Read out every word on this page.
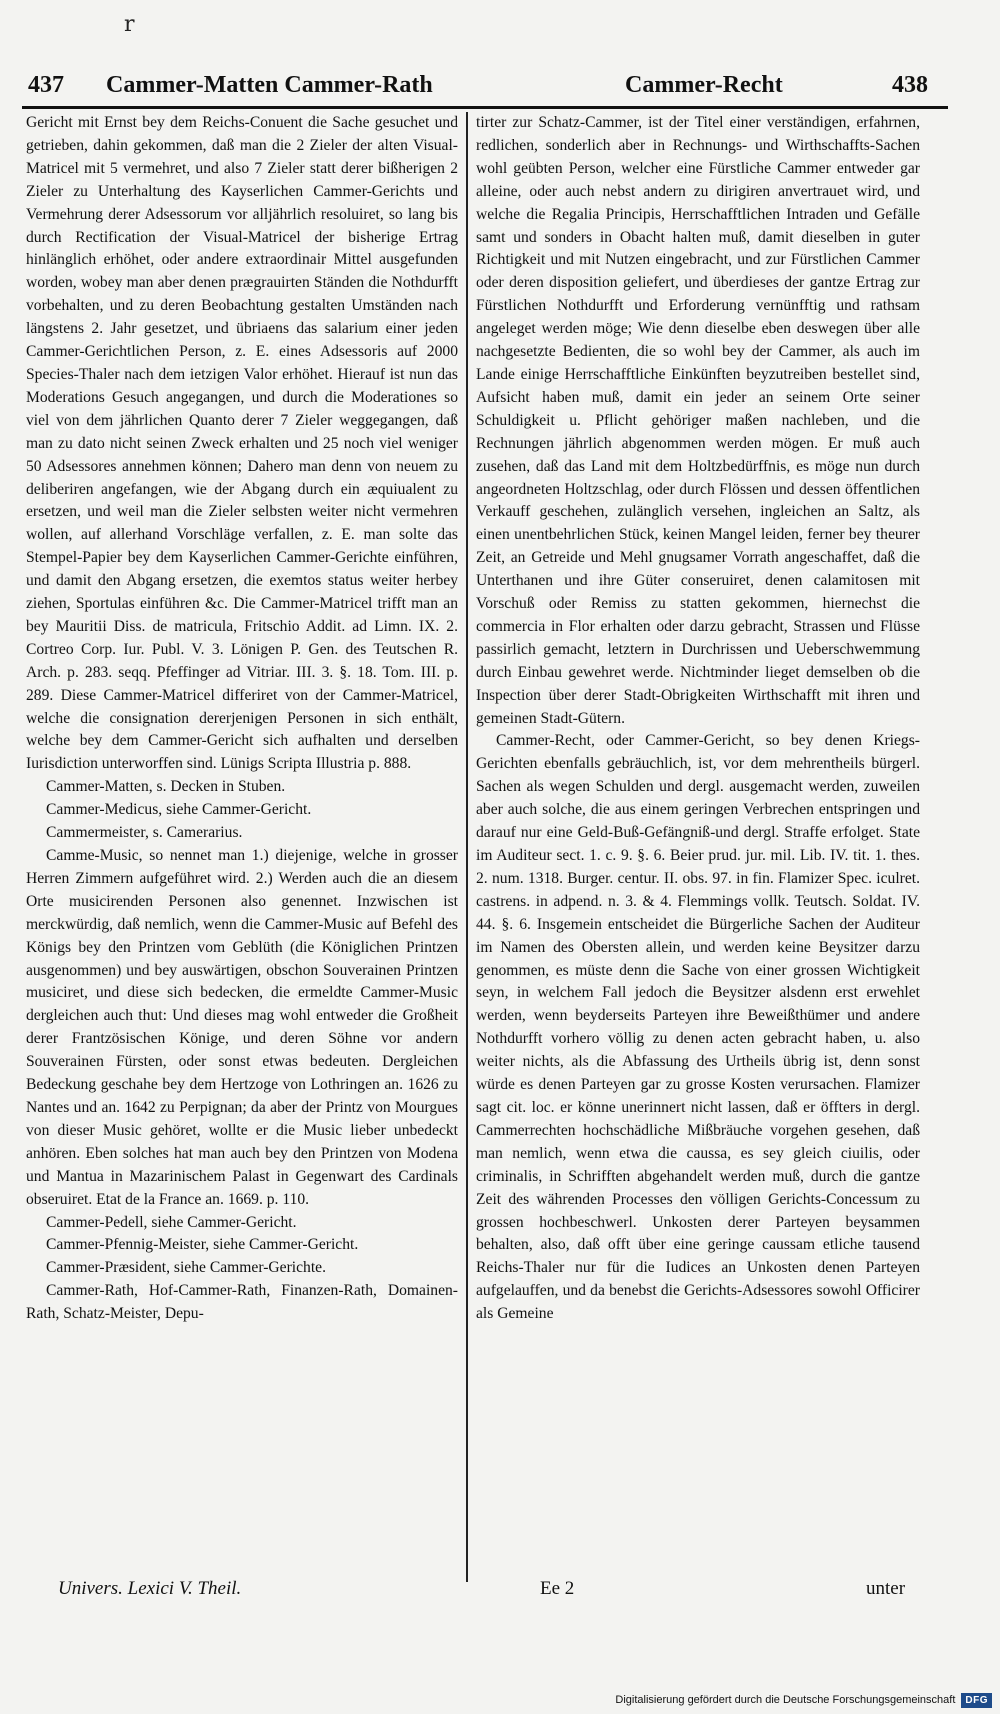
r
437 Cammer-Matten Cammer-Rath	Cammer-Recht	438

Gericht mit Ernst bey dem Reichs-Conuent die Sache gesuchet und getrieben, dahin gekommen, daß man die 2 Zieler der alten Visual-Matricel mit 5 vermehret, und also 7 Zieler statt derer bißherigen 2 Zieler zu Unterhaltung des Kayserlichen Cammer-Gerichts und Vermehrung derer Adsessorum vor alljährlich resoluiret, so lang bis durch Rectification der Visual-Matricel der bisherige Ertrag hinlänglich erhöhet, oder andere extraordinair Mittel ausgefunden worden, wobey man aber denen prægrauirten Ständen die Nothdurfft vorbehalten, und zu deren Beobachtung gestalten Umständen nach längstens 2. Jahr gesetzet, und übriaens das salarium einer jeden Cammer-Gerichtlichen Person, z. E. eines Adsessoris auf 2000 Species-Thaler nach dem ietzigen Valor erhöhet. Hierauf ist nun das Moderations Gesuch angegangen, und durch die Moderationes so viel von dem jährlichen Quanto derer 7 Zieler weggegangen, daß man zu dato nicht seinen Zweck erhalten und 25 noch viel weniger 50 Adsessores annehmen können; Dahero man denn von neuem zu deliberiren angefangen, wie der Abgang durch ein æquiualent zu ersetzen, und weil man die Zieler selbsten weiter nicht vermehren wollen, auf allerhand Vorschläge verfallen, z. E. man solte das Stempel-Papier bey dem Kayserlichen Cammer-Gerichte einführen, und damit den Abgang ersetzen, die exemtos status weiter herbey ziehen, Sportulas einführen &c. Die Cammer-Matricel trifft man an bey Mauritii Diss. de matricula, Fritschio Addit. ad Limn. IX. 2. Cortreo Corp. Iur. Publ. V. 3. Lönigen P. Gen. des Teutschen R. Arch. p. 283. seqq. Pfeffinger ad Vitriar. III. 3. §. 18. Tom. III. p. 289. Diese Cammer-Matricel differiret von der Cammer-Matricel, welche die consignation dererjenigen Personen in sich enthält, welche bey dem Cammer-Gericht sich aufhalten und derselben Iurisdiction unterworffen sind. Lünigs Scripta Illustria p. 888.

Cammer-Matten, s. Decken in Stuben.

Cammer-Medicus, siehe Cammer-Gericht.

Cammermeister, s. Camerarius.

Camme-Music, so nennet man 1.) diejenige, welche in grosser Herren Zimmern aufgeführet wird. 2.) Werden auch die an diesem Orte musicirenden Personen also genennet. Inzwischen ist merckwürdig, daß nemlich, wenn die Cammer-Music auf Befehl des Königs bey den Printzen vom Geblüth (die Königlichen Printzen ausgenommen) und bey auswärtigen, obschon Souverainen Printzen musiciret, und diese sich bedecken, die ermeldte Cammer-Music dergleichen auch thut: Und dieses mag wohl entweder die Großheit derer Frantzösischen Könige, und deren Söhne vor andern Souverainen Fürsten, oder sonst etwas bedeuten. Dergleichen Bedeckung geschahe bey dem Hertzoge von Lothringen an. 1626 zu Nantes und an. 1642 zu Perpignan; da aber der Printz von Mourgues von dieser Music gehöret, wollte er die Music lieber unbedeckt anhören. Eben solches hat man auch bey den Printzen von Modena und Mantua in Mazarinischem Palast in Gegenwart des Cardinals obseruiret. Etat de la France an. 1669. p. 110.

Cammer-Pedell, siehe Cammer-Gericht.

Cammer-Pfennig-Meister, siehe Cammer-Gericht.

Cammer-Præsident, siehe Cammer-Gerichte.

Cammer-Rath, Hof-Cammer-Rath, Finanzen-Rath, Domainen-Rath, Schatz-Meister, Depu-

tirter zur Schatz-Cammer, ist der Titel einer verständigen, erfahrnen, redlichen, sonderlich aber in Rechnungs- und Wirthschaffts-Sachen wohl geübten Person, welcher eine Fürstliche Cammer entweder gar alleine, oder auch nebst andern zu dirigiren anvertrauet wird, und welche die Regalia Principis, Herrschafftlichen Intraden und Gefälle samt und sonders in Obacht halten muß, damit dieselben in guter Richtigkeit und mit Nutzen eingebracht, und zur Fürstlichen Cammer oder deren disposition geliefert, und überdieses der gantze Ertrag zur Fürstlichen Nothdurfft und Erforderung vernünfftig und rathsam angeleget werden möge; Wie denn dieselbe eben deswegen über alle nachgesetzte Bedienten, die so wohl bey der Cammer, als auch im Lande einige Herrschafftliche Einkünften beyzutreiben bestellet sind, Aufsicht haben muß, damit ein jeder an seinem Orte seiner Schuldigkeit u. Pflicht gehöriger maßen nachleben, und die Rechnungen jährlich abgenommen werden mögen. Er muß auch zusehen, daß das Land mit dem Holtzbedürffnis, es möge nun durch angeordneten Holtzschlag, oder durch Flössen und dessen öffentlichen Verkauff geschehen, zulänglich versehen, ingleichen an Saltz, als einen unentbehrlichen Stück, keinen Mangel leiden, ferner bey theurer Zeit, an Getreide und Mehl gnugsamer Vorrath angeschaffet, daß die Unterthanen und ihre Güter conseruiret, denen calamitosen mit Vorschuß oder Remiss zu statten gekommen, hiernechst die commercia in Flor erhalten oder darzu gebracht, Strassen und Flüsse passirlich gemacht, letztern in Durchrissen und Ueberschwemmung durch Einbau gewehret werde. Nichtminder lieget demselben ob die Inspection über derer Stadt-Obrigkeiten Wirthschafft mit ihren und gemeinen Stadt-Gütern.

Cammer-Recht, oder Cammer-Gericht, so bey denen Kriegs-Gerichten ebenfalls gebräuchlich, ist, vor dem mehrentheils bürgerl. Sachen als wegen Schulden und dergl. ausgemacht werden, zuweilen aber auch solche, die aus einem geringen Verbrechen entspringen und darauf nur eine Geld-Buß-Gefängniß-und dergl. Straffe erfolget. State im Auditeur sect. 1. c. 9. §. 6. Beier prud. jur. mil. Lib. IV. tit. 1. thes. 2. num. 1318. Burger. centur. II. obs. 97. in fin. Flamizer Spec. iculret. castrens. in adpend. n. 3. & 4. Flemmings vollk. Teutsch. Soldat. IV. 44. §. 6. Insgemein entscheidet die Bürgerliche Sachen der Auditeur im Namen des Obersten allein, und werden keine Beysitzer darzu genommen, es müste denn die Sache von einer grossen Wichtigkeit seyn, in welchem Fall jedoch die Beysitzer alsdenn erst erwehlet werden, wenn beyderseits Parteyen ihre Beweißthümer und andere Nothdurfft vorhero völlig zu denen acten gebracht haben, u. also weiter nichts, als die Abfassung des Urtheils übrig ist, denn sonst würde es denen Parteyen gar zu grosse Kosten verursachen. Flamizer sagt cit. loc. er könne unerinnert nicht lassen, daß er öffters in dergl. Cammerrechten hochschädliche Mißbräuche vorgehen gesehen, daß man nemlich, wenn etwa die caussa, es sey gleich ciuilis, oder criminalis, in Schrifften abgehandelt werden muß, durch die gantze Zeit des währenden Processes den völligen Gerichts-Concessum zu grossen hochbeschwerl. Unkosten derer Parteyen beysammen behalten, also, daß offt über eine geringe caussam etliche tausend Reichs-Thaler nur für die Iudices an Unkosten denen Parteyen aufgelauffen, und da benebst die Gerichts-Adsessores sowohl Officirer als Gemeine

Univers. Lexici V. Theil.	Ee 2	unter
Digitalisierung gefördert durch die Deutsche Forschungsgemeinschaft	DFG
